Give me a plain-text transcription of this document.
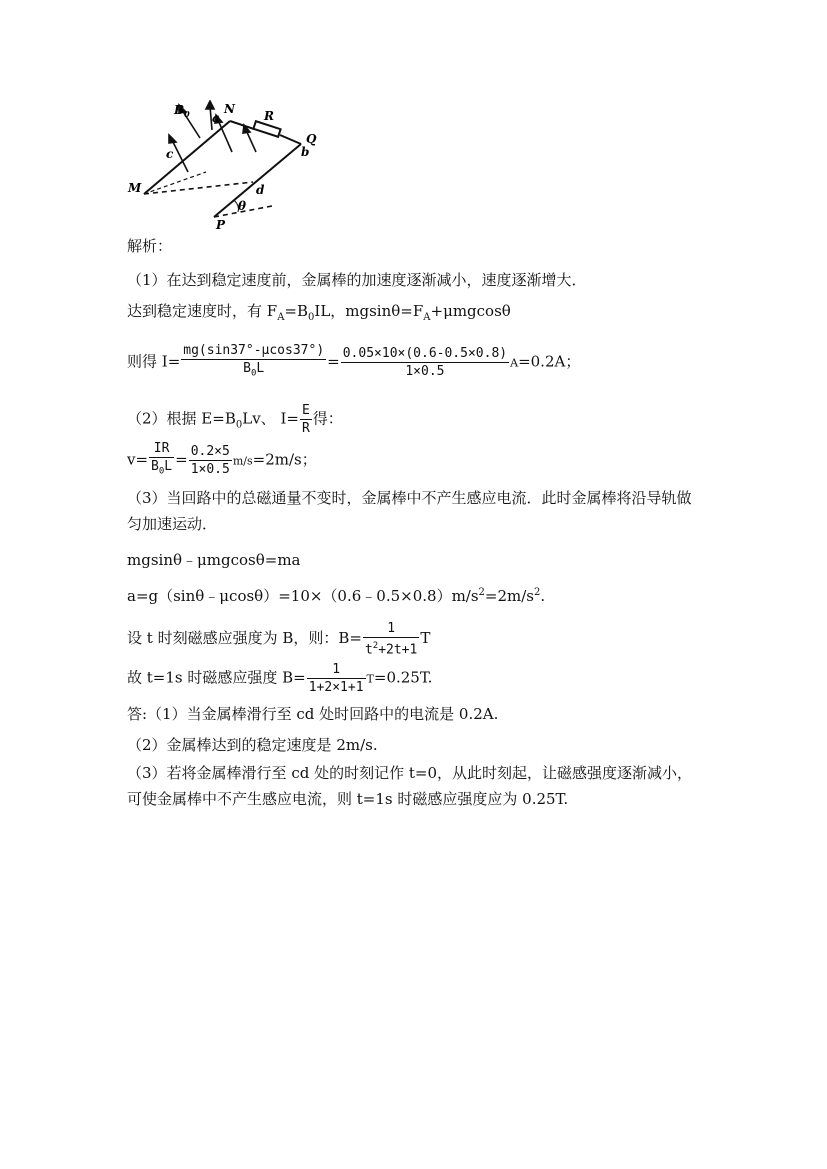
$B_0$	N
a	R
Q
b
c
M	d
θ
P
解析：
（1）在达到稳定速度前，金属棒的加速度逐渐减小，速度逐渐增大．
达到稳定速度时，有 $F_A=B_0IL$，$mgsin\theta=F_A+\mu mgcos\theta$
则得 $I= \frac{mg(\sin 37^\circ-\mu\cos 37^\circ)}{B_0L} = \frac{0.05\times 10\times(0.6-0.5\times 0.8)}{1\times 0.5} A=0.2A$；
（2）根据 $E=B_0Lv$、 $I= \frac{E}{R}$ 得：
$v= \frac{IR}{B_0L} = \frac{0.2\times 5}{1\times 0.5} m/s=2m/s$；
（3）当回路中的总磁通量不变时，金属棒中不产生感应电流．此时金属棒将沿导轨做匀加速运动．
mgsinθ﹣μmgcosθ=ma
$a=g(\sin\theta﹣\mu\cos\theta)=10\times(0.6﹣0.5\times 0.8)m/s^2=2m/s^2$.
设 t 时刻磁感应强度为 B，则：$B= \frac{1}{t^2+2t+1}$ T
故 t=1s 时磁感应强度 $B= \frac{1}{1+2\times 1+1} T=0.25T$.
答:（1）当金属棒滑行至 cd 处时回路中的电流是 0.2A.
（2）金属棒达到的稳定速度是 2m/s.
（3）若将金属棒滑行至 cd 处的时刻记作 t=0，从此时刻起，让磁感强度逐渐减小，可使金属棒中不产生感应电流，则 t=1s 时磁感应强度应为 0.25T.
